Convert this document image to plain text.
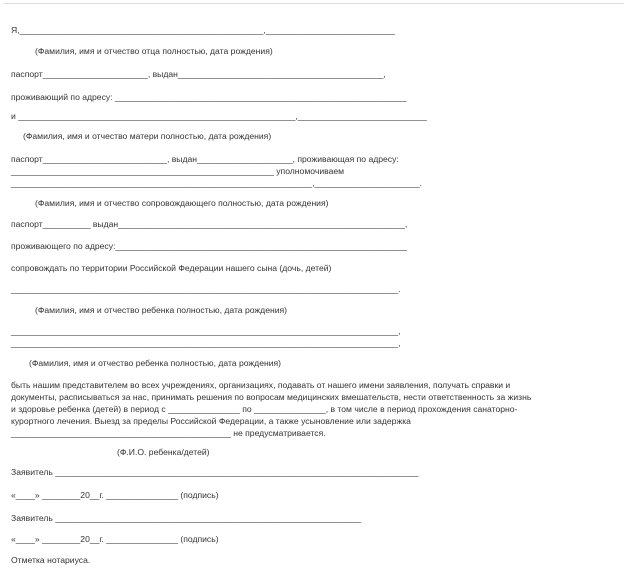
Я,___________________________________________________,___________________________
(Фамилия, имя и отчество отца полностью, дата рождения)
паспорт______________________, выдан___________________________________________,
проживающий по адресу: _____________________________________________________________
и __________________________________________________________,___________________________
(Фамилия, имя и отчество матери полностью, дата рождения)
паспорт__________________________, выдан____________________, проживающая по адресу:
_______________________________________________________ уполномочиваем
_______________________________________________________________,______________________.
(Фамилия, имя и отчество сопровождающего полностью, дата рождения)
паспорт__________ выдан____________________________________________________________,
проживающего по адресу:_____________________________________________________________
сопровождать по территории Российской Федерации нашего сына (дочь, детей)
_________________________________________________________________________________.
(Фамилия, имя и отчество ребенка полностью, дата рождения)
_________________________________________________________________________________,
_________________________________________________________________________________,
(Фамилия, имя и отчество ребенка полностью, дата рождения)
быть нашим представителем во всех учреждениях, организациях, подавать от нашего имени заявления, получать справки и
документы, расписываться за нас, принимать решения по вопросам медицинских вмешательств, нести ответственность за жизнь
и здоровье ребенка (детей) в период с _______________ по _______________, в том числе в период прохождения санаторно-
курортного лечения. Выезд за пределы Российской Федерации, а также усыновление или задержка
______________________________________________ не предусматривается.
(Ф.И.О. ребенка/детей)
Заявитель ____________________________________________________________________________
«____» ________20__г. _______________ (подпись)
Заявитель ________________________________________________________________
«____» ________20__г. _______________ (подпись)
Отметка нотариуса.
